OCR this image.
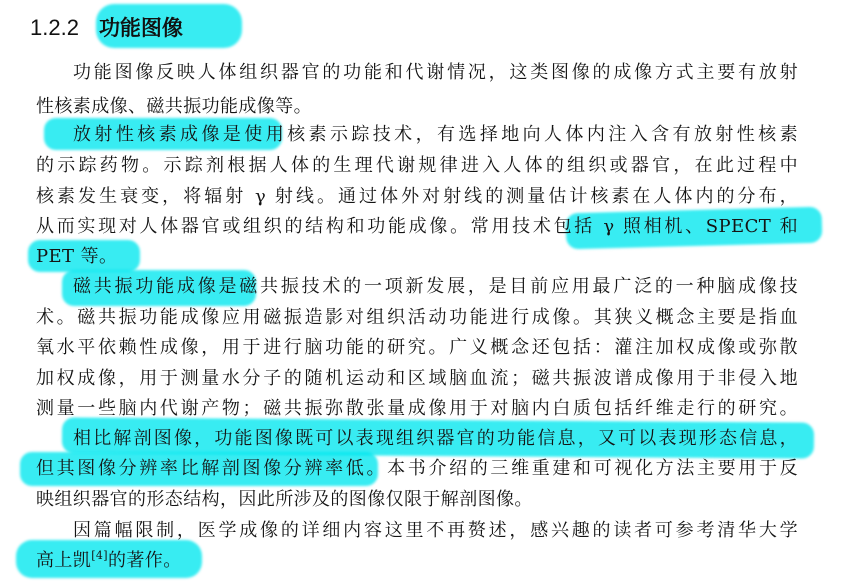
1.2.2 功能图像
功能图像反映人体组织器官的功能和代谢情况，这类图像的成像方式主要有放射
性核素成像、磁共振功能成像等。
放射性核素成像是使用核素示踪技术，有选择地向人体内注入含有放射性核素
的示踪药物。示踪剂根据人体的生理代谢规律进入人体的组织或器官，在此过程中
核素发生衰变，将辐射 γ 射线。通过体外对射线的测量估计核素在人体内的分布，
从而实现对人体器官或组织的结构和功能成像。常用技术包括 γ 照相机、SPECT 和
PET 等。
磁共振功能成像是磁共振技术的一项新发展，是目前应用最广泛的一种脑成像技
术。磁共振功能成像应用磁振造影对组织活动功能进行成像。其狭义概念主要是指血
氧水平依赖性成像，用于进行脑功能的研究。广义概念还包括：灌注加权成像或弥散
加权成像，用于测量水分子的随机运动和区域脑血流；磁共振波谱成像用于非侵入地
测量一些脑内代谢产物；磁共振弥散张量成像用于对脑内白质包括纤维走行的研究。
相比解剖图像，功能图像既可以表现组织器官的功能信息，又可以表现形态信息，
但其图像分辨率比解剖图像分辨率低。本书介绍的三维重建和可视化方法主要用于反
映组织器官的形态结构，因此所涉及的图像仅限于解剖图像。
因篇幅限制，医学成像的详细内容这里不再赘述，感兴趣的读者可参考清华大学
高上凯[4]的著作。
